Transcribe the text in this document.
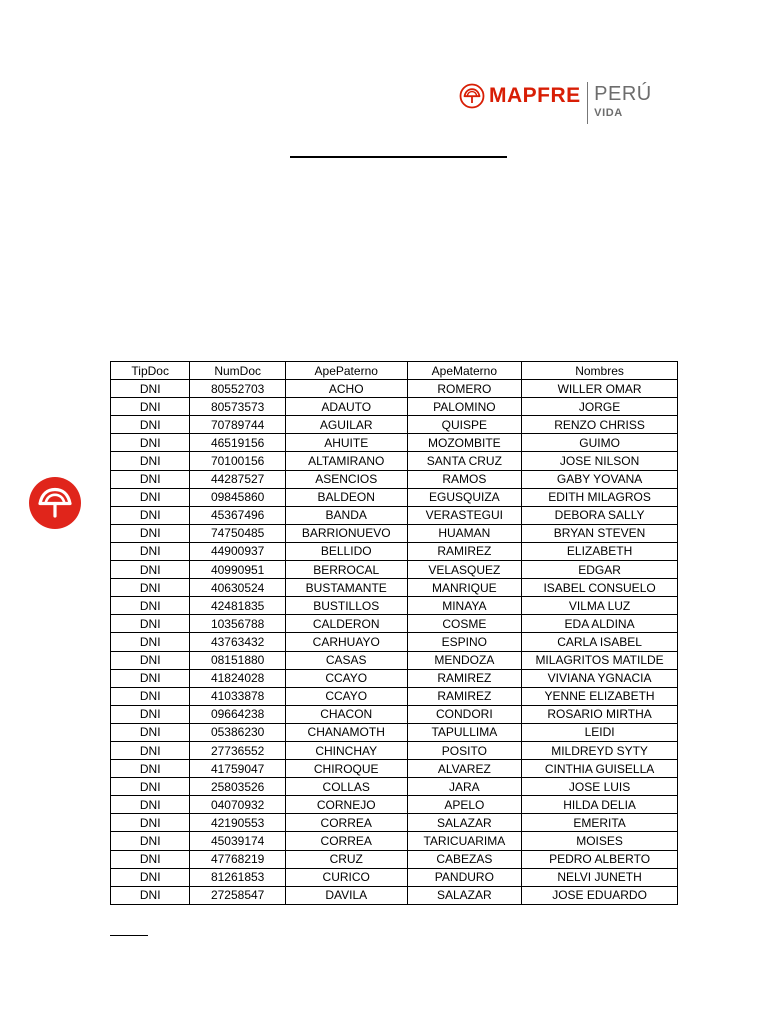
MAPFRE PERÚ
VIDA
TipDoc	NumDoc	ApePaterno	ApeMaterno	Nombres
DNI	80552703	ACHO	ROMERO	WILLER OMAR
DNI	80573573	ADAUTO	PALOMINO	JORGE
DNI	70789744	AGUILAR	QUISPE	RENZO CHRISS
DNI	46519156	AHUITE	MOZOMBITE	GUIMO
DNI	70100156	ALTAMIRANO	SANTA CRUZ	JOSE NILSON
DNI	44287527	ASENCIOS	RAMOS	GABY YOVANA
DNI	09845860	BALDEON	EGUSQUIZA	EDITH MILAGROS
DNI	45367496	BANDA	VERASTEGUI	DEBORA SALLY
DNI	74750485	BARRIONUEVO	HUAMAN	BRYAN STEVEN
DNI	44900937	BELLIDO	RAMIREZ	ELIZABETH
DNI	40990951	BERROCAL	VELASQUEZ	EDGAR
DNI	40630524	BUSTAMANTE	MANRIQUE	ISABEL CONSUELO
DNI	42481835	BUSTILLOS	MINAYA	VILMA LUZ
DNI	10356788	CALDERON	COSME	EDA ALDINA
DNI	43763432	CARHUAYO	ESPINO	CARLA ISABEL
DNI	08151880	CASAS	MENDOZA	MILAGRITOS MATILDE
DNI	41824028	CCAYO	RAMIREZ	VIVIANA YGNACIA
DNI	41033878	CCAYO	RAMIREZ	YENNE ELIZABETH
DNI	09664238	CHACON	CONDORI	ROSARIO MIRTHA
DNI	05386230	CHANAMOTH	TAPULLIMA	LEIDI
DNI	27736552	CHINCHAY	POSITO	MILDREYD SYTY
DNI	41759047	CHIROQUE	ALVAREZ	CINTHIA GUISELLA
DNI	25803526	COLLAS	JARA	JOSE LUIS
DNI	04070932	CORNEJO	APELO	HILDA DELIA
DNI	42190553	CORREA	SALAZAR	EMERITA
DNI	45039174	CORREA	TARICUARIMA	MOISES
DNI	47768219	CRUZ	CABEZAS	PEDRO ALBERTO
DNI	81261853	CURICO	PANDURO	NELVI JUNETH
DNI	27258547	DAVILA	SALAZAR	JOSE EDUARDO
